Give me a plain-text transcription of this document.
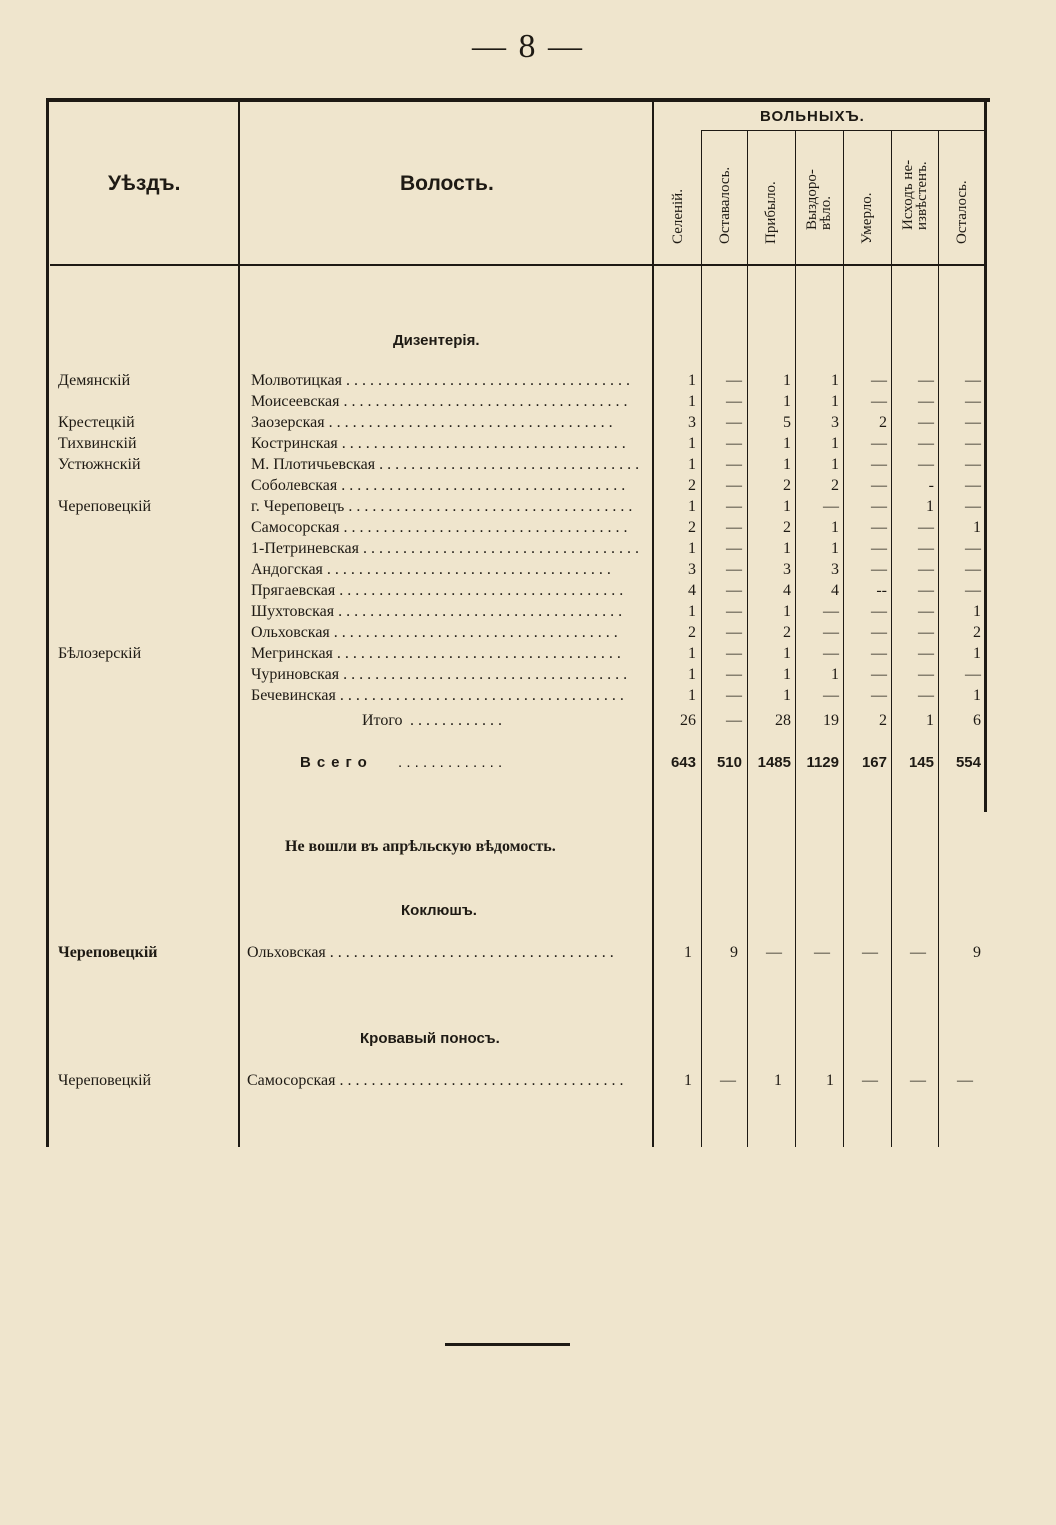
— 8 —
Уѣздъ.	Волость.
ВОЛЬНЫХЪ.
Селеній. Оставалось. Прибыло. Выздоро-
вѣло. Умерло. Исходъ не-
извѣстенъ. Осталось.
Дизентерія.
Демянскій	Молвотицкая . . .	1	—	1	1	—	—	—
Моисеевская . . .	1	—	1	1	—	—	—
Крестецкій	Заозерская . . .	3	—	5	3	2	—	—
Тихвинскій	Костринская . . .	1	—	1	1	—	—	—
Устюжнскій	М. Плотичьевская . . .	1	—	1	1	—	—	—
Соболевская . . .	2	—	2	2	—	-	—
Череповецкій	г. Череповецъ . . .	1	—	1	—	—	1	—
Самосорская . . .	2	—	2	1	—	—	1
1-Петриневская . . .	1	—	1	1	—	—	—
Андогская . . .	3	—	3	3	—	—	—
Прягаевская . . .	4	—	4	4	--	—	—
Шухтовская . . .	1	—	1	—	—	—	1
Ольховская . . .	2	—	2	—	—	—	2
Бѣлозерскій	Мегринская . . .	1	—	1	—	—	—	1
Чуриновская . . .	1	—	1	1	—	—	—
Бечевинская . . .	1	—	1	—	—	—	1
Итого . . . . . . . . . . . .	26	—	28	19	2	1	6
Всего . . . . . . . . . . . . .	643	510	1485	1129	167	145	554
Не вошли въ апрѣльскую вѣдомость.
Коклюшъ.
Череповецкій	Ольховская . . .	1	9	—	—	—	—	9
Кровавый поносъ.
Череповецкій	Самосорская . . .	1	—	1	1	—	—	—
